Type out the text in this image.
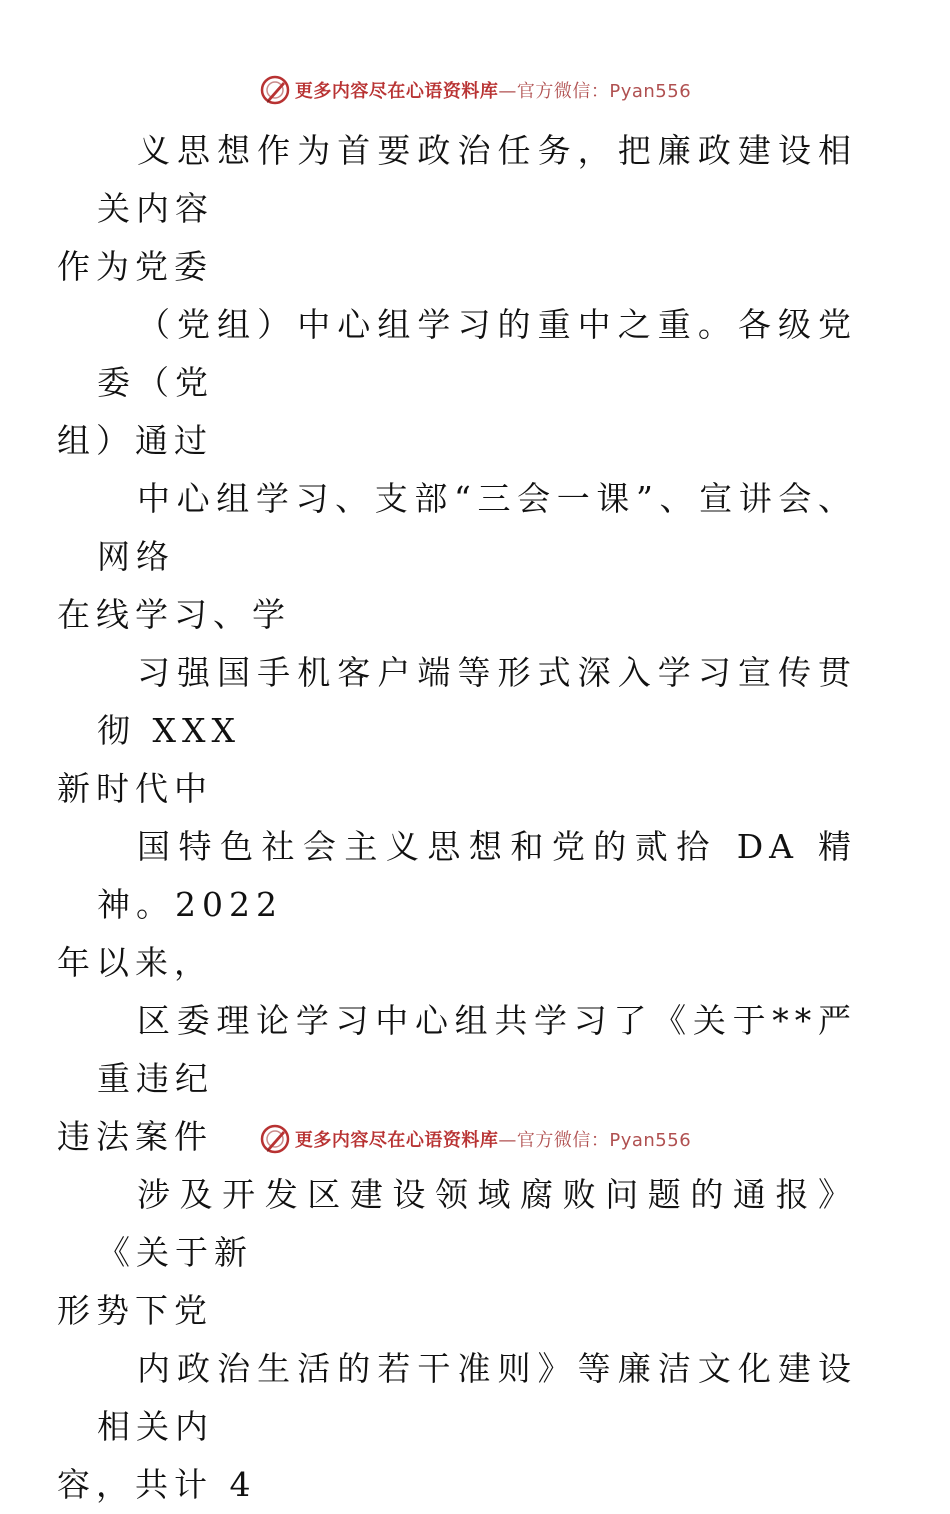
更多内容尽在心语资料库—官方微信：Pyan556

义思想作为首要政治任务，把廉政建设相关内容
作为党委

（党组）中心组学习的重中之重。各级党委（党
组）通过

中心组学习、支部“三会一课”、宣讲会、网络
在线学习、学

习强国手机客户端等形式深入学习宣传贯彻 XXX
新时代中

国特色社会主义思想和党的贰拾 DA 精神。2022
年以来，

区委理论学习中心组共学习了《关于**严重违纪
违法案件

涉及开发区建设领域腐败问题的通报》《关于新
形势下党

内政治生活的若干准则》等廉洁文化建设相关内
容，共计 4

更多内容尽在心语资料库—官方微信：Pyan556
